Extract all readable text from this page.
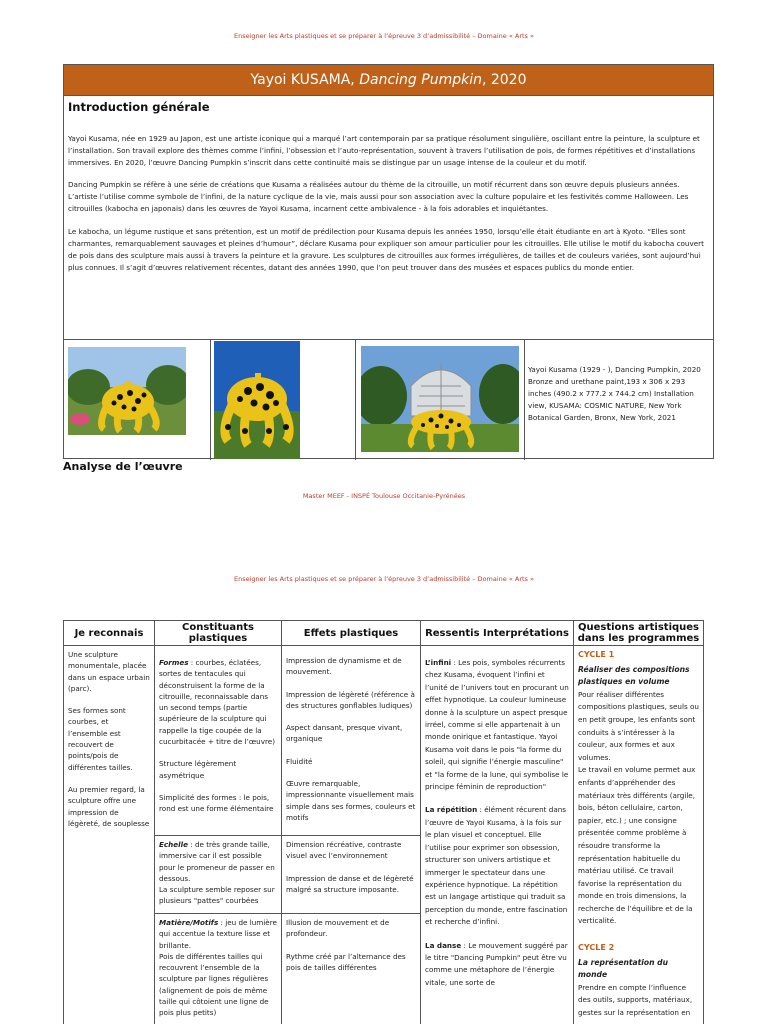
Enseigner les Arts plastiques et se préparer à l’épreuve 3 d’admissibilité – Domaine « Arts »
Yayoi KUSAMA, Dancing Pumpkin, 2020
Introduction générale

Yayoi Kusama, née en 1929 au Japon, est une artiste iconique qui a marqué l’art contemporain par sa pratique résolument singulière, oscillant entre la peinture, la sculpture et l’installation. Son travail explore des thèmes comme l’infini, l’obsession et l’auto-représentation, souvent à travers l’utilisation de pois, de formes répétitives et d’installations immersives. En 2020, l’œuvre Dancing Pumpkin s’inscrit dans cette continuité mais se distingue par un usage intense de la couleur et du motif.

Dancing Pumpkin se réfère à une série de créations que Kusama a réalisées autour du thème de la citrouille, un motif récurrent dans son œuvre depuis plusieurs années. L’artiste l’utilise comme symbole de l’infini, de la nature cyclique de la vie, mais aussi pour son association avec la culture populaire et les festivités comme Halloween. Les citrouilles (kabocha en japonais) dans les œuvres de Yayoi Kusama, incarnent cette ambivalence - à la fois adorables et inquiétantes.

Le kabocha, un légume rustique et sans prétention, est un motif de prédilection pour Kusama depuis les années 1950, lorsqu’elle était étudiante en art à Kyoto. “Elles sont charmantes, remarquablement sauvages et pleines d’humour”, déclare Kusama pour expliquer son amour particulier pour les citrouilles. Elle utilise le motif du kabocha couvert de pois dans des sculpture mais aussi à travers la peinture et la gravure. Les sculptures de citrouilles aux formes irrégulières, de tailles et de couleurs variées, sont aujourd’hui plus connues. Il s’agit d’œuvres relativement récentes, datant des années 1990, que l’on peut trouver dans des musées et espaces publics du monde entier.

Yayoi Kusama (1929 - ), Dancing Pumpkin, 2020 Bronze and urethane paint,193 x 306 x 293 inches (490.2 x 777.2 x 744.2 cm) Installation view, KUSAMA: COSMIC NATURE, New York Botanical Garden, Bronx, New York, 2021
Analyse de l’œuvre
Master MEEF - INSPÉ Toulouse Occitanie-Pyrénées
Enseigner les Arts plastiques et se préparer à l’épreuve 3 d’admissibilité – Domaine « Arts »
Je reconnais

Une sculpture monumentale, placée dans un espace urbain (parc).

Ses formes sont courbes, et l’ensemble est recouvert de points/pois de différentes tailles.

Au premier regard, la sculpture offre une impression de légèreté, de souplesse

Constituants plastiques

Formes : courbes, éclatées, sortes de tentacules qui déconstruisent la forme de la citrouille, reconnaissable dans un second temps (partie supérieure de la sculpture qui rappelle la tige coupée de la cucurbitacée + titre de l’œuvre)

Structure légèrement asymétrique

Simplicité des formes : le pois, rond est une forme élémentaire

Echelle : de très grande taille, immersive car il est possible pour le promeneur de passer en dessous.

La sculpture semble reposer sur plusieurs "pattes" courbées

Matière/Motifs : jeu de lumière qui accentue la texture lisse et brillante.

Pois de différentes tailles qui recouvrent l’ensemble de la sculpture par lignes régulières (alignement de pois de même taille qui côtoient une ligne de pois plus petits)

Effets plastiques

Impression de dynamisme et de mouvement.

Impression de légèreté (référence à des structures gonflables ludiques)

Aspect dansant, presque vivant, organique

Fluidité

Œuvre remarquable, impressionnante visuellement mais simple dans ses formes, couleurs et motifs

Dimension récréative, contraste visuel avec l’environnement

Impression de danse et de légèreté malgré sa structure imposante.

Illusion de mouvement et de profondeur.

Rythme créé par l’alternance des pois de tailles différentes

Ressentis Interprétations

L’infini : Les pois, symboles récurrents chez Kusama, évoquent l’infini et l’unité de l’univers tout en procurant un effet hypnotique. La couleur lumineuse donne à la sculpture un aspect presque irréel, comme si elle appartenait à un monde onirique et fantastique. Yayoi Kusama voit dans le pois "la forme du soleil, qui signifie l’énergie masculine" et "la forme de la lune, qui symbolise le principe féminin de reproduction"

La répétition : élément récurent dans l’œuvre de Yayoi Kusama, à la fois sur le plan visuel et conceptuel. Elle l’utilise pour exprimer son obsession, structurer son univers artistique et immerger le spectateur dans une expérience hypnotique. La répétition est un langage artistique qui traduit sa perception du monde, entre fascination et recherche d’infini.

La danse : Le mouvement suggéré par le titre "Dancing Pumpkin" peut être vu comme une métaphore de l’énergie vitale, une sorte de

Questions artistiques dans les programmes
CYCLE 1
Réaliser des compositions plastiques en volume

Pour réaliser différentes compositions plastiques, seuls ou en petit groupe, les enfants sont conduits à s’intéresser à la couleur, aux formes et aux volumes.

Le travail en volume permet aux enfants d’appréhender des matériaux très différents (argile, bois, béton cellulaire, carton, papier, etc.) ; une consigne présentée comme problème à résoudre transforme la représentation habituelle du matériau utilisé. Ce travail favorise la représentation du monde en trois dimensions, la recherche de l’équilibre et de la verticalité.

CYCLE 2
La représentation du monde

Prendre en compte l’influence des outils, supports, matériaux, gestes sur la représentation en
